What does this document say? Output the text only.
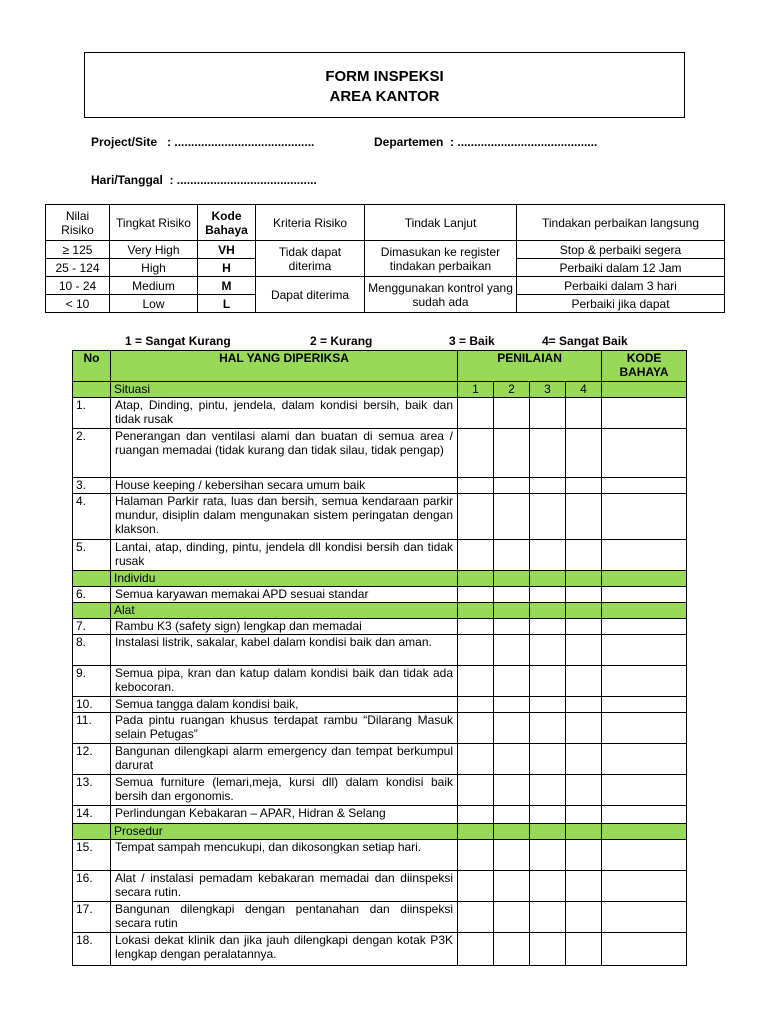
FORM INSPEKSI
AREA KANTOR
Project/Site   : ..........................................	Departemen  : ..........................................
Hari/Tanggal  : ..........................................
Nilai Risiko	Tingkat Risiko	Kode Bahaya	Kriteria Risiko	Tindak Lanjut	Tindakan perbaikan langsung
≥ 125	Very High	VH	Tidak dapat diterima	Dimasukan ke register tindakan perbaikan	Stop & perbaiki segera
25 - 124	High	H			Perbaiki dalam 12 Jam
10 - 24	Medium	M	Dapat diterima	Menggunakan kontrol yang sudah ada	Perbaiki dalam 3 hari
< 10	Low	L			Perbaiki jika dapat
1 = Sangat Kurang	2 = Kurang	3 = Baik	4= Sangat Baik
No	HAL YANG DIPERIKSA	PENILAIAN				KODE BAHAYA
	Situasi	1	2	3	4	
1.	Atap, Dinding, pintu, jendela, dalam kondisi bersih, baik dan tidak rusak					
2.	Penerangan dan ventilasi alami dan buatan di semua area / ruangan memadai (tidak kurang dan tidak silau, tidak pengap)					
3.	House keeping / kebersihan secara umum baik					
4.	Halaman Parkir rata, luas dan bersih, semua kendaraan parkir mundur, disiplin dalam mengunakan sistem peringatan dengan klakson.					
5.	Lantai, atap, dinding, pintu, jendela dll kondisi bersih dan tidak rusak					
	Individu					
6.	Semua karyawan memakai APD sesuai standar					
	Alat					
7.	Rambu K3 (safety sign) lengkap dan memadai					
8.	Instalasi listrik, sakalar, kabel dalam kondisi baik dan aman.					
9.	Semua pipa, kran dan katup dalam kondisi baik dan tidak ada kebocoran.					
10.	Semua tangga dalam kondisi baik,					
11.	Pada pintu ruangan khusus terdapat rambu “Dilarang Masuk selain Petugas”					
12.	Bangunan dilengkapi alarm emergency dan tempat berkumpul darurat					
13.	Semua furniture (lemari,meja, kursi dll) dalam kondisi baik bersih dan ergonomis.					
14.	Perlindungan Kebakaran – APAR, Hidran & Selang					
	Prosedur					
15.	Tempat sampah mencukupi, dan dikosongkan setiap hari.					
16.	Alat / instalasi pemadam kebakaran memadai dan diinspeksi secara rutin.					
17.	Bangunan dilengkapi dengan pentanahan dan diinspeksi secara rutin					
18.	Lokasi dekat klinik dan jika jauh dilengkapi dengan kotak P3K lengkap dengan peralatannya.					
